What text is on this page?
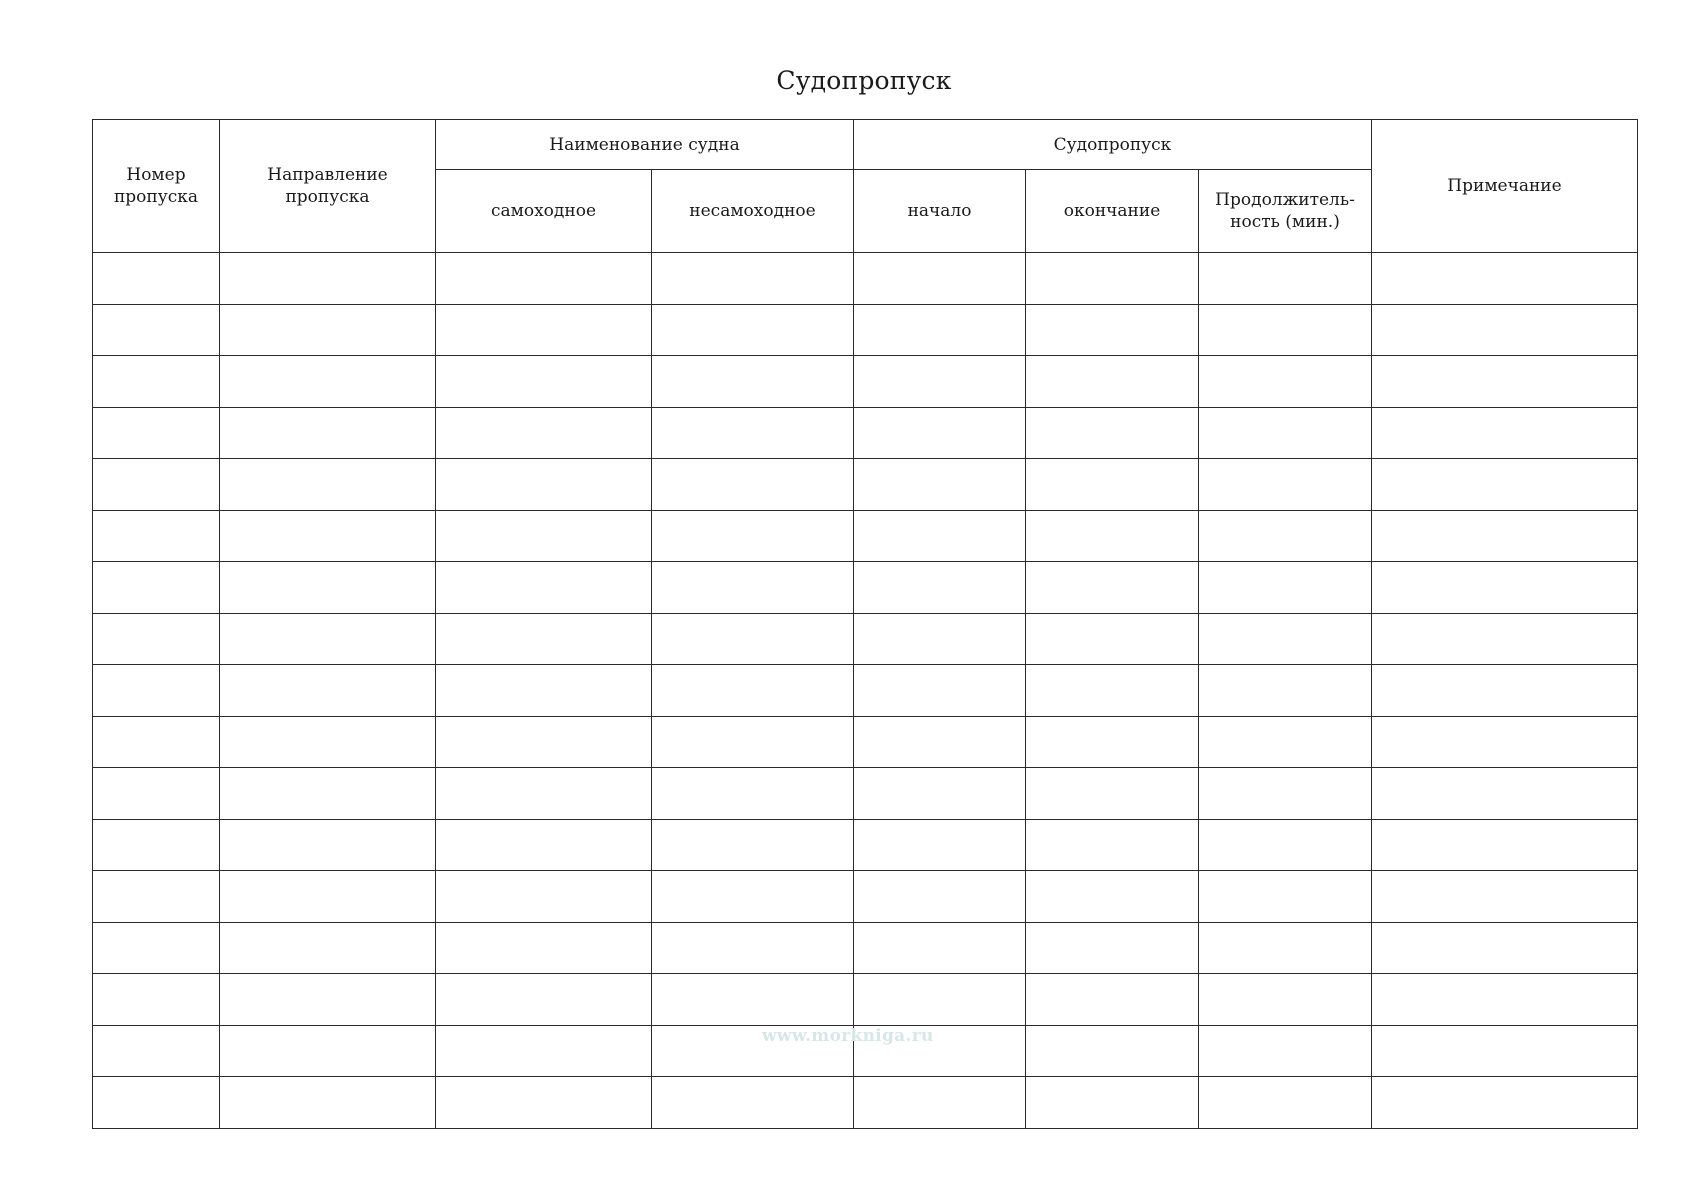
Судопропуск
Номер пропуска	Направление пропуска	Наименование судна		Судопропуск			Примечание
		самоходное	несамоходное	начало	окончание	Продолжитель-ность (мин.)	

www.morkniga.ru
